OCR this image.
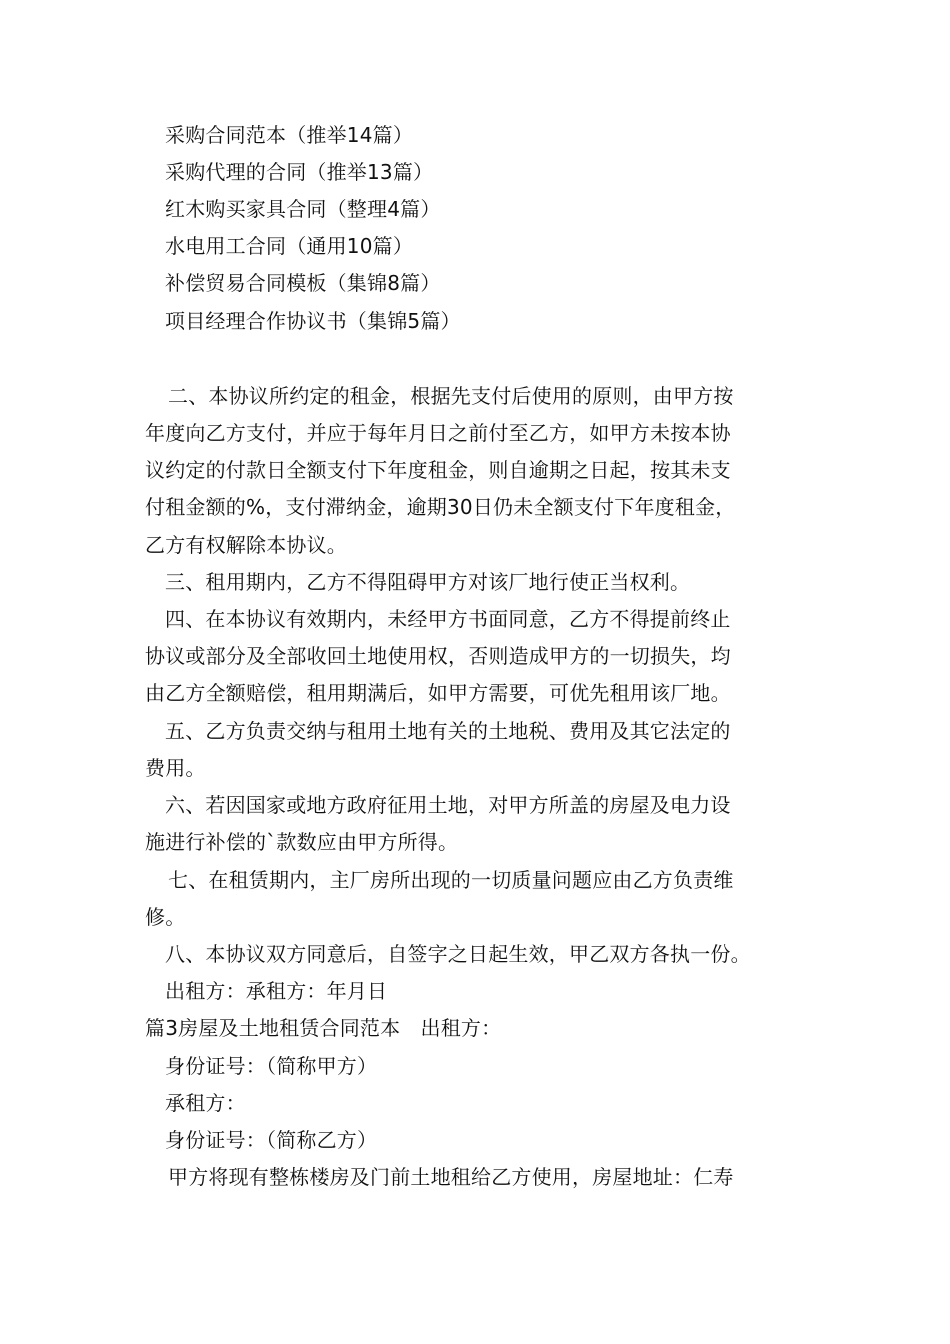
采购合同范本（推举14篇）
采购代理的合同（推举13篇）
红木购买家具合同（整理4篇）
水电用工合同（通用10篇）
补偿贸易合同模板（集锦8篇）
项目经理合作协议书（集锦5篇）
二、本协议所约定的租金，根据先支付后使用的原则，由甲方按
年度向乙方支付，并应于每年月日之前付至乙方，如甲方未按本协
议约定的付款日全额支付下年度租金，则自逾期之日起，按其未支
付租金额的%，支付滞纳金，逾期30日仍未全额支付下年度租金，
乙方有权解除本协议。
三、租用期内，乙方不得阻碍甲方对该厂地行使正当权利。
四、在本协议有效期内，未经甲方书面同意，乙方不得提前终止
协议或部分及全部收回土地使用权，否则造成甲方的一切损失，均
由乙方全额赔偿，租用期满后，如甲方需要，可优先租用该厂地。
五、乙方负责交纳与租用土地有关的土地税、费用及其它法定的
费用。
六、若因国家或地方政府征用土地，对甲方所盖的房屋及电力设
施进行补偿的`款数应由甲方所得。
七、在租赁期内，主厂房所出现的一切质量问题应由乙方负责维
修。
八、本协议双方同意后，自签字之日起生效，甲乙双方各执一份。
出租方：承租方：年月日
篇3房屋及土地租赁合同范本　出租方：
身份证号：（简称甲方）
承租方：
身份证号：（简称乙方）
甲方将现有整栋楼房及门前土地租给乙方使用，房屋地址：仁寿
